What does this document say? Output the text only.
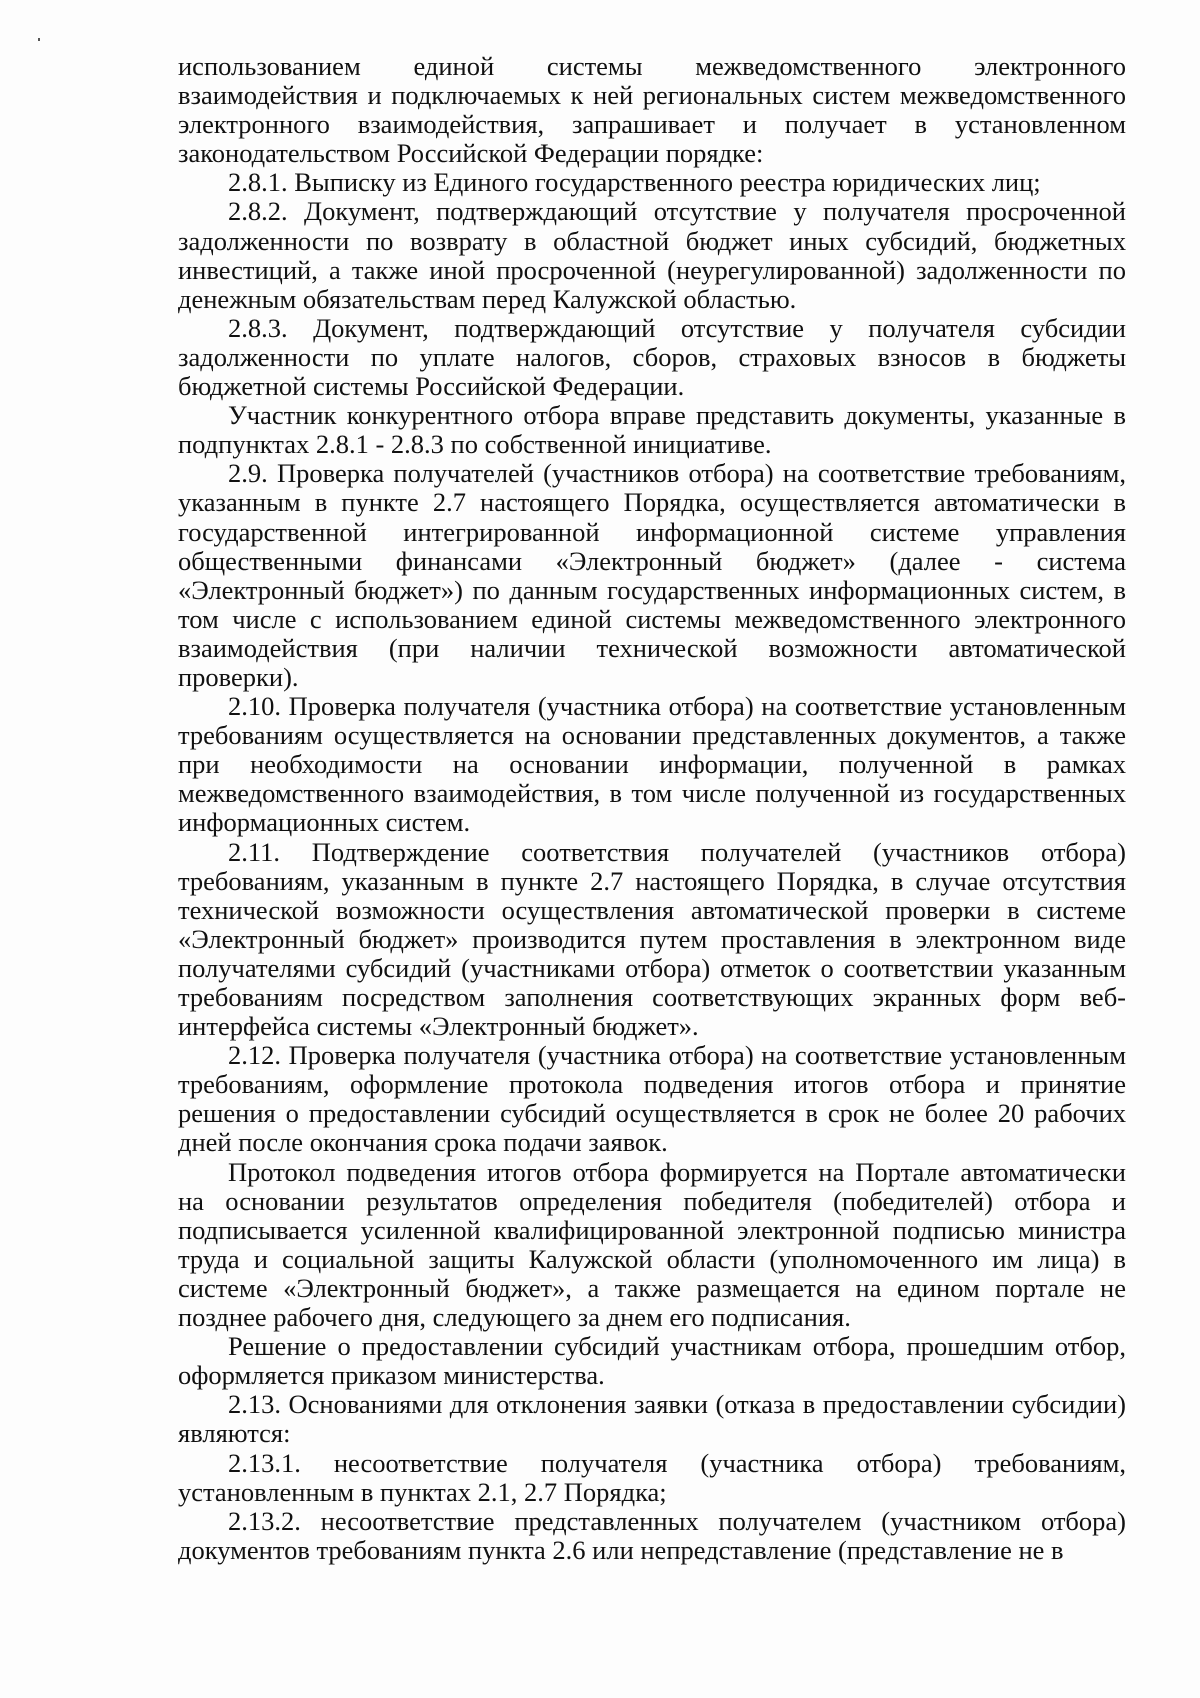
использованием единой системы межведомственного электронного взаимодействия и подключаемых к ней региональных систем межведомственного электронного взаимодействия, запрашивает и получает в установленном законодательством Российской Федерации порядке:

2.8.1. Выписку из Единого государственного реестра юридических лиц;

2.8.2. Документ, подтверждающий отсутствие у получателя просроченной задолженности по возврату в областной бюджет иных субсидий, бюджетных инвестиций, а также иной просроченной (неурегулированной) задолженности по денежным обязательствам перед Калужской областью.

2.8.3. Документ, подтверждающий отсутствие у получателя субсидии задолженности по уплате налогов, сборов, страховых взносов в бюджеты бюджетной системы Российской Федерации.

Участник конкурентного отбора вправе представить документы, указанные в подпунктах 2.8.1 - 2.8.3 по собственной инициативе.

2.9. Проверка получателей (участников отбора) на соответствие требованиям, указанным в пункте 2.7 настоящего Порядка, осуществляется автоматически в государственной интегрированной информационной системе управления общественными финансами «Электронный бюджет» (далее - система «Электронный бюджет») по данным государственных информационных систем, в том числе с использованием единой системы межведомственного электронного взаимодействия (при наличии технической возможности автоматической проверки).

2.10. Проверка получателя (участника отбора) на соответствие установленным требованиям осуществляется на основании представленных документов, а также при необходимости на основании информации, полученной в рамках межведомственного взаимодействия, в том числе полученной из государственных информационных систем.

2.11. Подтверждение соответствия получателей (участников отбора) требованиям, указанным в пункте 2.7 настоящего Порядка, в случае отсутствия технической возможности осуществления автоматической проверки в системе «Электронный бюджет» производится путем проставления в электронном виде получателями субсидий (участниками отбора) отметок о соответствии указанным требованиям посредством заполнения соответствующих экранных форм веб-интерфейса системы «Электронный бюджет».

2.12. Проверка получателя (участника отбора) на соответствие установленным требованиям, оформление протокола подведения итогов отбора и принятие решения о предоставлении субсидий осуществляется в срок не более 20 рабочих дней после окончания срока подачи заявок.

Протокол подведения итогов отбора формируется на Портале автоматически на основании результатов определения победителя (победителей) отбора и подписывается усиленной квалифицированной электронной подписью министра труда и социальной защиты Калужской области (уполномоченного им лица) в системе «Электронный бюджет», а также размещается на едином портале не позднее рабочего дня, следующего за днем его подписания.

Решение о предоставлении субсидий участникам отбора, прошедшим отбор, оформляется приказом министерства.

2.13. Основаниями для отклонения заявки (отказа в предоставлении субсидии) являются:

2.13.1. несоответствие получателя (участника отбора) требованиям, установленным в пунктах 2.1, 2.7 Порядка;

2.13.2. несоответствие представленных получателем (участником отбора) документов требованиям пункта 2.6 или непредставление (представление не в
